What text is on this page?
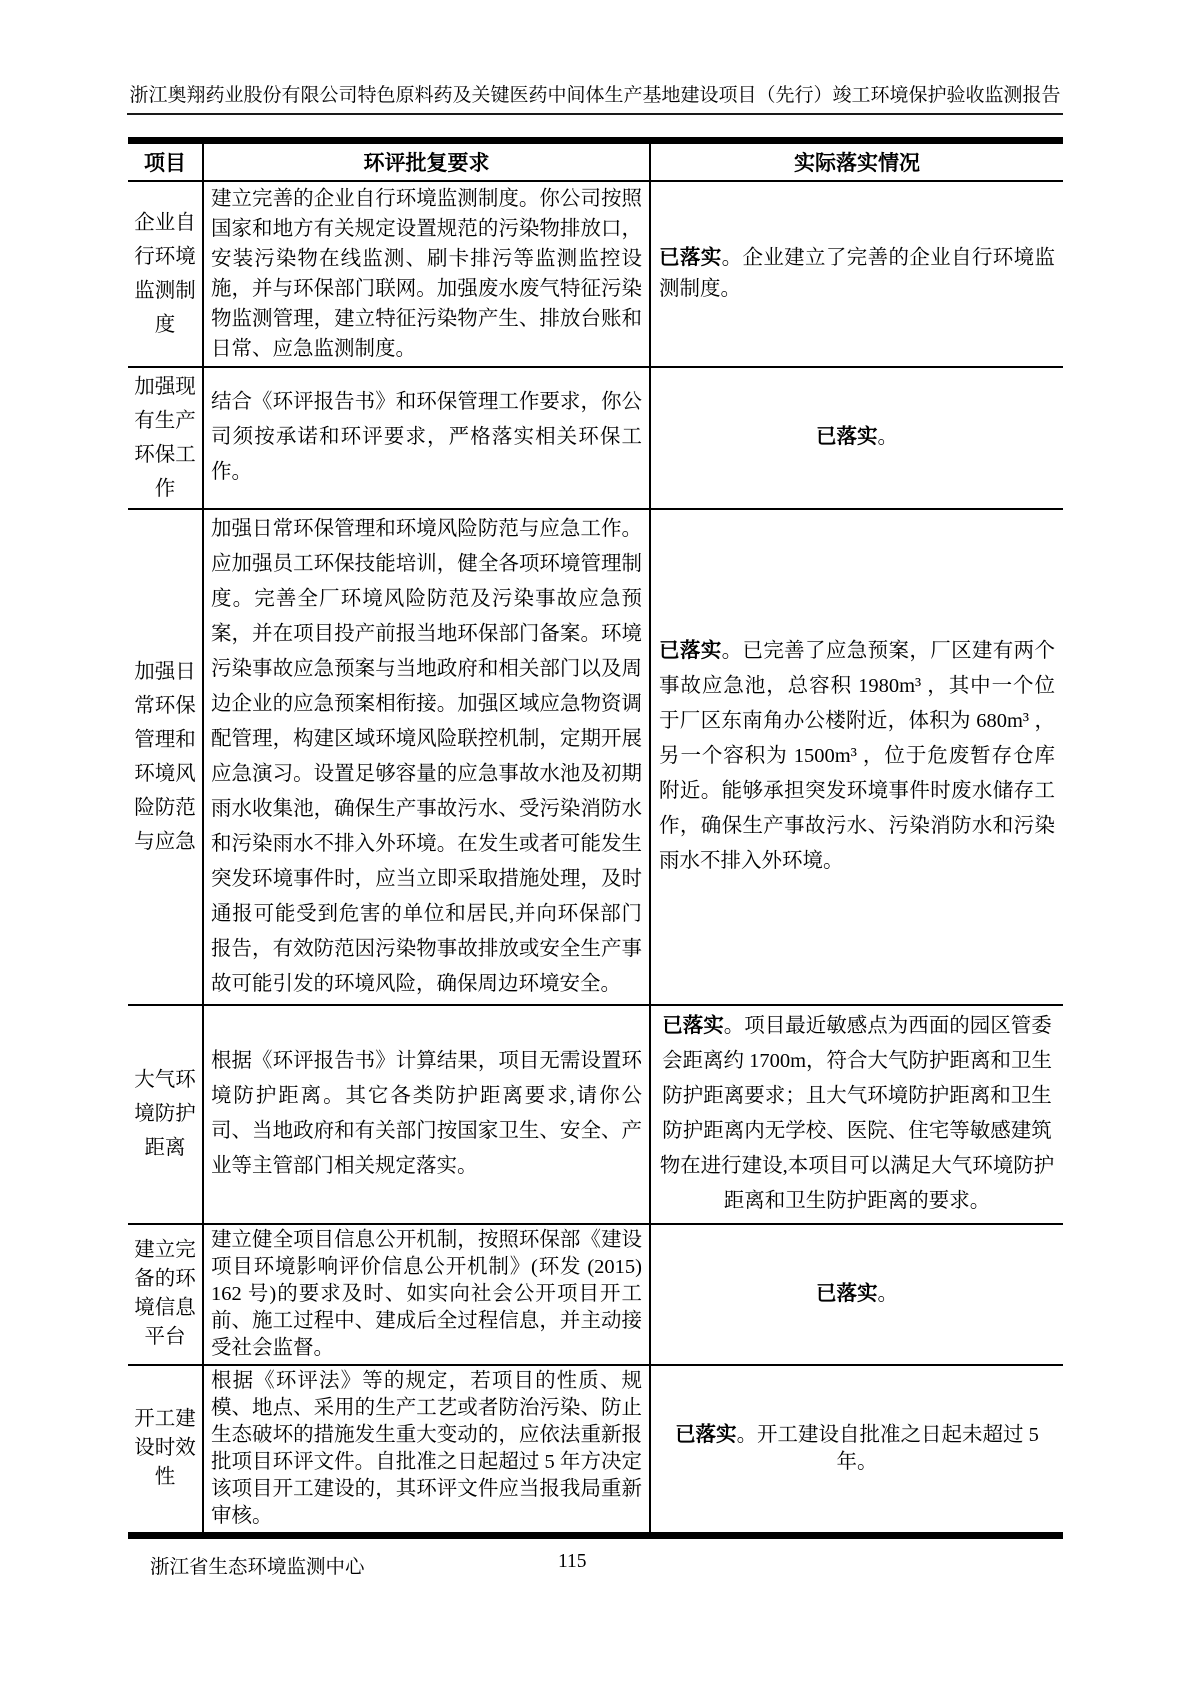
浙江奥翔药业股份有限公司特色原料药及关键医药中间体生产基地建设项目（先行）竣工环境保护验收监测报告
项目	环评批复要求	实际落实情况
企业自行环境监测制度	建立完善的企业自行环境监测制度。你公司按照国家和地方有关规定设置规范的污染物排放口，安装污染物在线监测、刷卡排污等监测监控设施，并与环保部门联网。加强废水废气特征污染物监测管理，建立特征污染物产生、排放台账和日常、应急监测制度。	已落实。企业建立了完善的企业自行环境监测制度。
加强现有生产环保工作	结合《环评报告书》和环保管理工作要求，你公司须按承诺和环评要求，严格落实相关环保工作。	已落实。
加强日常环保管理和环境风险防范与应急	加强日常环保管理和环境风险防范与应急工作。应加强员工环保技能培训，健全各项环境管理制度。完善全厂环境风险防范及污染事故应急预案，并在项目投产前报当地环保部门备案。环境污染事故应急预案与当地政府和相关部门以及周边企业的应急预案相衔接。加强区域应急物资调配管理，构建区域环境风险联控机制，定期开展应急演习。设置足够容量的应急事故水池及初期雨水收集池，确保生产事故污水、受污染消防水和污染雨水不排入外环境。在发生或者可能发生突发环境事件时，应当立即采取措施处理，及时通报可能受到危害的单位和居民,并向环保部门报告，有效防范因污染物事故排放或安全生产事故可能引发的环境风险，确保周边环境安全。	已落实。已完善了应急预案，厂区建有两个事故应急池，总容积 1980m³ ，其中一个位于厂区东南角办公楼附近，体积为 680m³ ，另一个容积为 1500m³ ，位于危废暂存仓库附近。能够承担突发环境事件时废水储存工作，确保生产事故污水、污染消防水和污染雨水不排入外环境。
大气环境防护距离	根据《环评报告书》计算结果，项目无需设置环境防护距离。其它各类防护距离要求,请你公司、当地政府和有关部门按国家卫生、安全、产业等主管部门相关规定落实。	已落实。项目最近敏感点为西面的园区管委会距离约 1700m，符合大气防护距离和卫生防护距离要求；且大气环境防护距离和卫生防护距离内无学校、医院、住宅等敏感建筑物在进行建设,本项目可以满足大气环境防护距离和卫生防护距离的要求。
建立完备的环境信息平台	建立健全项目信息公开机制，按照环保部《建设项目环境影响评价信息公开机制》(环发 (2015) 162 号)的要求及时、如实向社会公开项目开工前、施工过程中、建成后全过程信息，并主动接受社会监督。	已落实。
开工建设时效性	根据《环评法》等的规定，若项目的性质、规模、地点、采用的生产工艺或者防治污染、防止生态破坏的措施发生重大变动的，应依法重新报批项目环评文件。自批准之日起超过 5 年方决定该项目开工建设的，其环评文件应当报我局重新审核。	已落实。开工建设自批准之日起未超过 5 年。
浙江省生态环境监测中心	115
